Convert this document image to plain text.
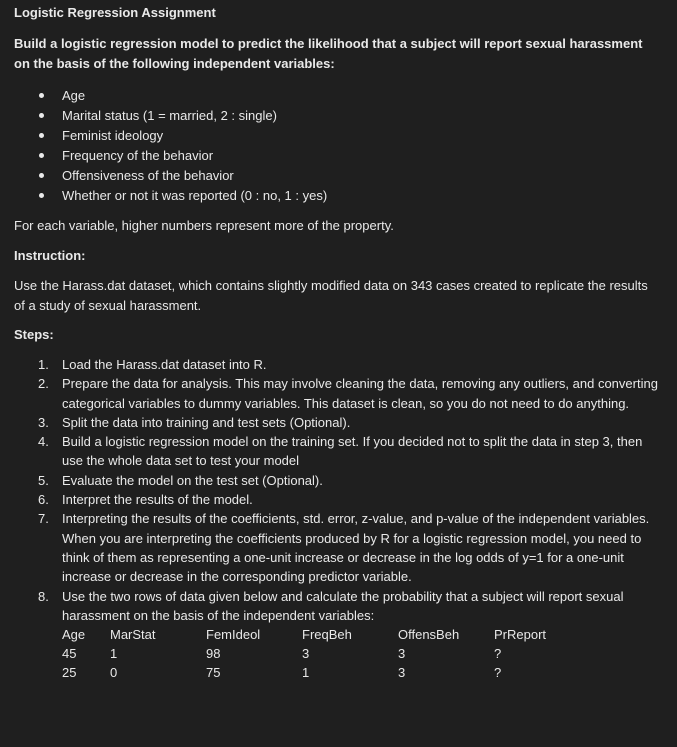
Logistic Regression Assignment
Build a logistic regression model to predict the likelihood that a subject will report sexual harassment on the basis of the following independent variables:
Age
Marital status (1 = married, 2 : single)
Feminist ideology
Frequency of the behavior
Offensiveness of the behavior
Whether or not it was reported (0 : no, 1 : yes)
For each variable, higher numbers represent more of the property.
Instruction:
Use the Harass.dat dataset, which contains slightly modified data on 343 cases created to replicate the results of a study of sexual harassment.
Steps:
1. Load the Harass.dat dataset into R.
2. Prepare the data for analysis. This may involve cleaning the data, removing any outliers, and converting categorical variables to dummy variables. This dataset is clean, so you do not need to do anything.
3. Split the data into training and test sets (Optional).
4. Build a logistic regression model on the training set. If you decided not to split the data in step 3, then use the whole data set to test your model
5. Evaluate the model on the test set (Optional).
6. Interpret the results of the model.
7. Interpreting the results of the coefficients, std. error, z-value, and p-value of the independent variables. When you are interpreting the coefficients produced by R for a logistic regression model, you need to think of them as representing a one-unit increase or decrease in the log odds of y=1 for a one-unit increase or decrease in the corresponding predictor variable.
8. Use the two rows of data given below and calculate the probability that a subject will report sexual harassment on the basis of the independent variables:
Age	MarStat	FemIdeol	FreqBeh	OffensBeh	PrReport
45	1	98	3	3	?
25	0	75	1	3	?
